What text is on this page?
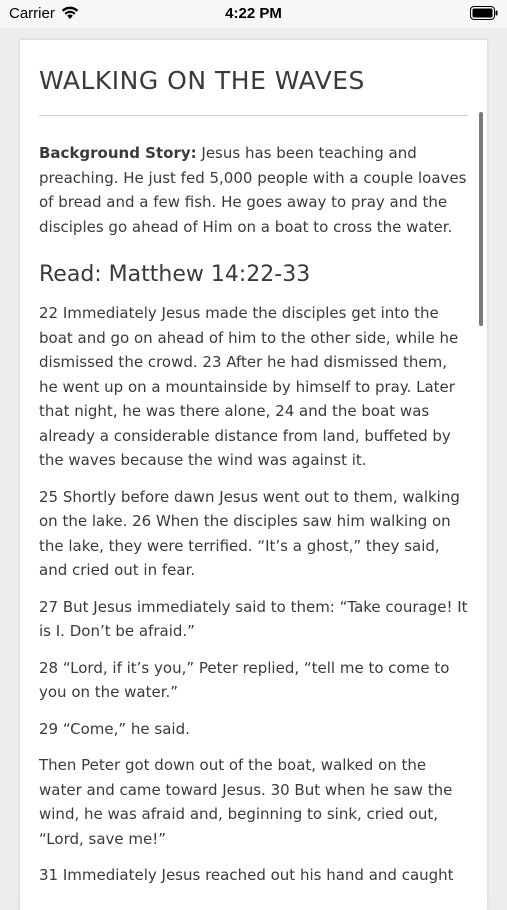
Carrier	4:22 PM
WALKING ON THE WAVES

Background Story: Jesus has been teaching and preaching. He just fed 5,000 people with a couple loaves of bread and a few fish. He goes away to pray and the disciples go ahead of Him on a boat to cross the water.

Read: Matthew 14:22-33

22 Immediately Jesus made the disciples get into the boat and go on ahead of him to the other side, while he dismissed the crowd. 23 After he had dismissed them, he went up on a mountainside by himself to pray. Later that night, he was there alone, 24 and the boat was already a considerable distance from land, buffeted by the waves because the wind was against it.

25 Shortly before dawn Jesus went out to them, walking on the lake. 26 When the disciples saw him walking on the lake, they were terrified. “It’s a ghost,” they said, and cried out in fear.

27 But Jesus immediately said to them: “Take courage! It is I. Don’t be afraid.”

28 “Lord, if it’s you,” Peter replied, “tell me to come to you on the water.”

29 “Come,” he said.

Then Peter got down out of the boat, walked on the water and came toward Jesus. 30 But when he saw the wind, he was afraid and, beginning to sink, cried out, “Lord, save me!”

31 Immediately Jesus reached out his hand and caught
